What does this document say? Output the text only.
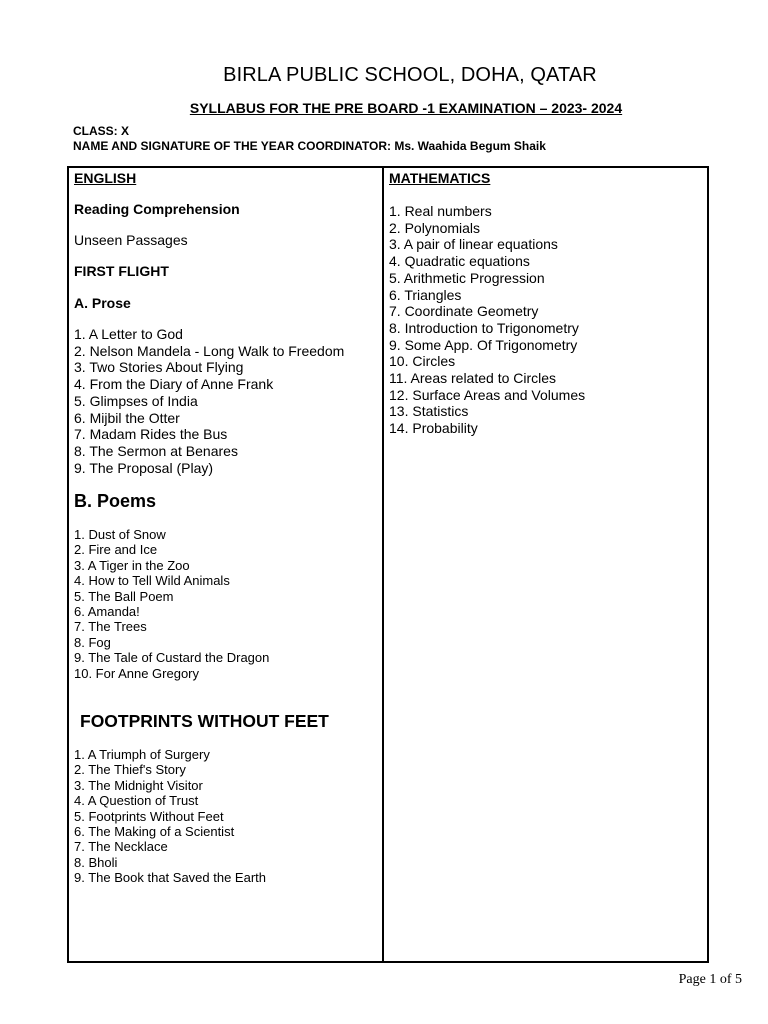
BIRLA PUBLIC SCHOOL, DOHA, QATAR
SYLLABUS FOR THE PRE BOARD -1 EXAMINATION – 2023- 2024
CLASS: X
NAME AND SIGNATURE OF THE YEAR COORDINATOR: Ms. Waahida Begum Shaik
ENGLISH
Reading Comprehension
Unseen Passages
FIRST FLIGHT
A. Prose
1. A Letter to God
2. Nelson Mandela - Long Walk to Freedom
3. Two Stories About Flying
4. From the Diary of Anne Frank
5. Glimpses of India
6. Mijbil the Otter
7. Madam Rides the Bus
8. The Sermon at Benares
9. The Proposal (Play)
B. Poems
1. Dust of Snow
2. Fire and Ice
3. A Tiger in the Zoo
4. How to Tell Wild Animals
5. The Ball Poem
6. Amanda!
7. The Trees
8. Fog
9. The Tale of Custard the Dragon
10. For Anne Gregory
FOOTPRINTS WITHOUT FEET
1. A Triumph of Surgery
2. The Thief's Story
3. The Midnight Visitor
4. A Question of Trust
5. Footprints Without Feet
6. The Making of a Scientist
7. The Necklace
8. Bholi
9. The Book that Saved the Earth
MATHEMATICS
1. Real numbers
2. Polynomials
3. A pair of linear equations
4. Quadratic equations
5. Arithmetic Progression
6. Triangles
7. Coordinate Geometry
8. Introduction to Trigonometry
9. Some App. Of Trigonometry
10. Circles
11. Areas related to Circles
12. Surface Areas and Volumes
13. Statistics
14. Probability
Page 1 of 5
